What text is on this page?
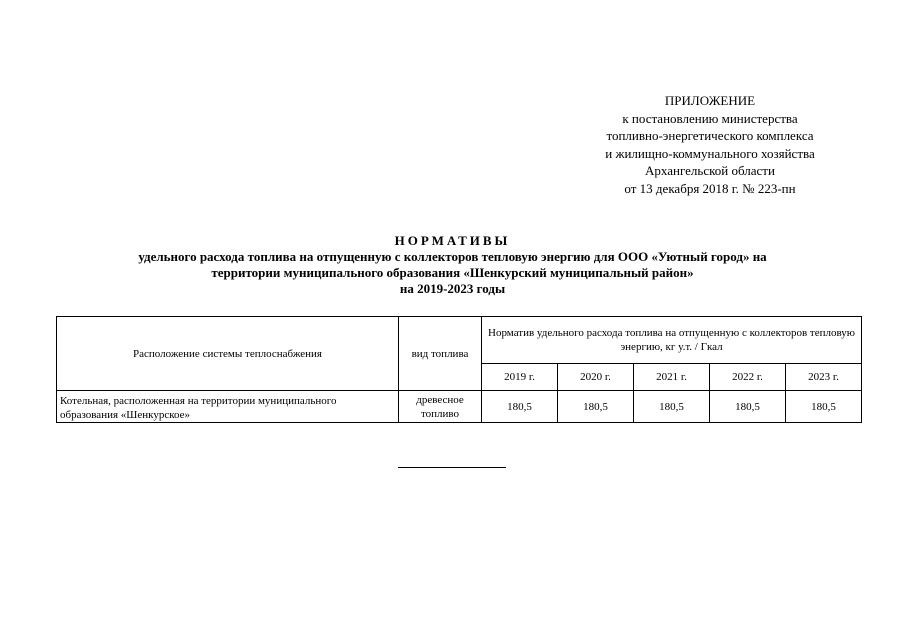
ПРИЛОЖЕНИЕ
к постановлению министерства
топливно-энергетического комплекса
и жилищно-коммунального хозяйства
Архангельской области
от 13 декабря 2018 г. № 223-пн
НОРМАТИВЫ
удельного расхода топлива на отпущенную с коллекторов тепловую энергию для ООО «Уютный город» на
территории муниципального образования «Шенкурский муниципальный район»
на 2019-2023 годы
Расположение системы теплоснабжения	вид топлива	Норматив удельного расхода топлива на отпущенную с коллекторов тепловую энергию, кг у.т. / Гкал				
		2019 г.	2020 г.	2021 г.	2022 г.	2023 г.
Котельная, расположенная на территории муниципального образования «Шенкурское»	древесное топливо	180,5	180,5	180,5	180,5	180,5
